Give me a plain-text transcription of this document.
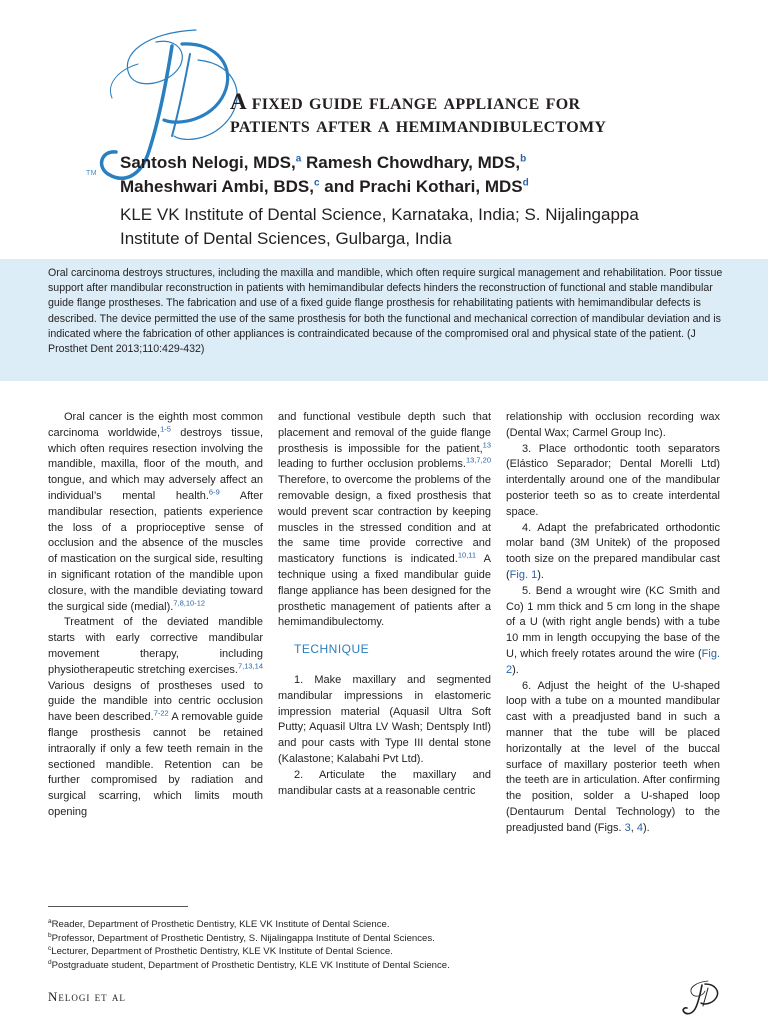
TM
A fixed guide flange appliance for
patients after a hemimandibulectomy
Santosh Nelogi, MDS,$^a$ Ramesh Chowdhary, MDS,$^b$
Maheshwari Ambi, BDS,$^c$ and Prachi Kothari, MDS$^d$
KLE VK Institute of Dental Science, Karnataka, India; S. Nijalingappa
Institute of Dental Sciences, Gulbarga, India

Oral carcinoma destroys structures, including the maxilla and mandible, which often require surgical management and rehabilitation. Poor tissue support after mandibular reconstruction in patients with hemimandibular defects hinders the reconstruction of functional and stable mandibular guide flange prostheses. The fabrication and use of a fixed guide flange prosthesis for rehabilitating patients with hemimandibular defects is described. The device permitted the use of the same prosthesis for both the functional and mechanical correction of mandibular deviation and is indicated where the fabrication of other appliances is contraindicated because of the compromised oral and physical state of the patient. (J Prosthet Dent 2013;110:429-432)

Oral cancer is the eighth most common carcinoma worldwide,$^{1-5}$ destroys tissue, which often requires resection involving the mandible, maxilla, floor of the mouth, and tongue, and which may adversely affect an individual’s mental health.$^{6-9}$ After mandibular resection, patients experience the loss of a proprioceptive sense of occlusion and the absence of the muscles of mastication on the surgical side, resulting in significant rotation of the mandible upon closure, with the mandible deviating toward the surgical side (medial).$^{7,8,10-12}$

Treatment of the deviated mandible starts with early corrective mandibular movement therapy, including physiotherapeutic stretching exercises.$^{7,13,14}$ Various designs of prostheses used to guide the mandible into centric occlusion have been described.$^{7-22}$ A removable guide flange prosthesis cannot be retained intraorally if only a few teeth remain in the sectioned mandible. Retention can be further compromised by radiation and surgical scarring, which limits mouth opening

and functional vestibule depth such that placement and removal of the guide flange prosthesis is impossible for the patient,$^{13}$ leading to further occlusion problems.$^{13,7,20}$ Therefore, to overcome the problems of the removable design, a fixed prosthesis that would prevent scar contraction by keeping muscles in the stressed condition and at the same time provide corrective and masticatory functions is indicated.$^{10,11}$ A technique using a fixed mandibular guide flange appliance has been designed for the prosthetic management of patients after a hemimandibulectomy.

TECHNIQUE

1. Make maxillary and segmented mandibular impressions in elastomeric impression material (Aquasil Ultra Soft Putty; Aquasil Ultra LV Wash; Dentsply Intl) and pour casts with Type III dental stone (Kalastone; Kalabahi Pvt Ltd).

2. Articulate the maxillary and mandibular casts at a reasonable centric

relationship with occlusion recording wax (Dental Wax; Carmel Group Inc).

3. Place orthodontic tooth separators (Elástico Separador; Dental Morelli Ltd) interdentally around one of the mandibular posterior teeth so as to create interdental space.

4. Adapt the prefabricated orthodontic molar band (3M Unitek) of the proposed tooth size on the prepared mandibular cast (Fig. 1).

5. Bend a wrought wire (KC Smith and Co) 1 mm thick and 5 cm long in the shape of a U (with right angle bends) with a tube 10 mm in length occupying the base of the U, which freely rotates around the wire (Fig. 2).

6. Adjust the height of the U-shaped loop with a tube on a mounted mandibular cast with a preadjusted band in such a manner that the tube will be placed horizontally at the level of the buccal surface of maxillary posterior teeth when the teeth are in articulation. After confirming the position, solder a U-shaped loop (Dentaurum Dental Technology) to the preadjusted band (Figs. 3, 4).

$^a$Reader, Department of Prosthetic Dentistry, KLE VK Institute of Dental Science.
$^b$Professor, Department of Prosthetic Dentistry, S. Nijalingappa Institute of Dental Sciences.
$^c$Lecturer, Department of Prosthetic Dentistry, KLE VK Institute of Dental Science.
$^d$Postgraduate student, Department of Prosthetic Dentistry, KLE VK Institute of Dental Science.
Nelogi et al
